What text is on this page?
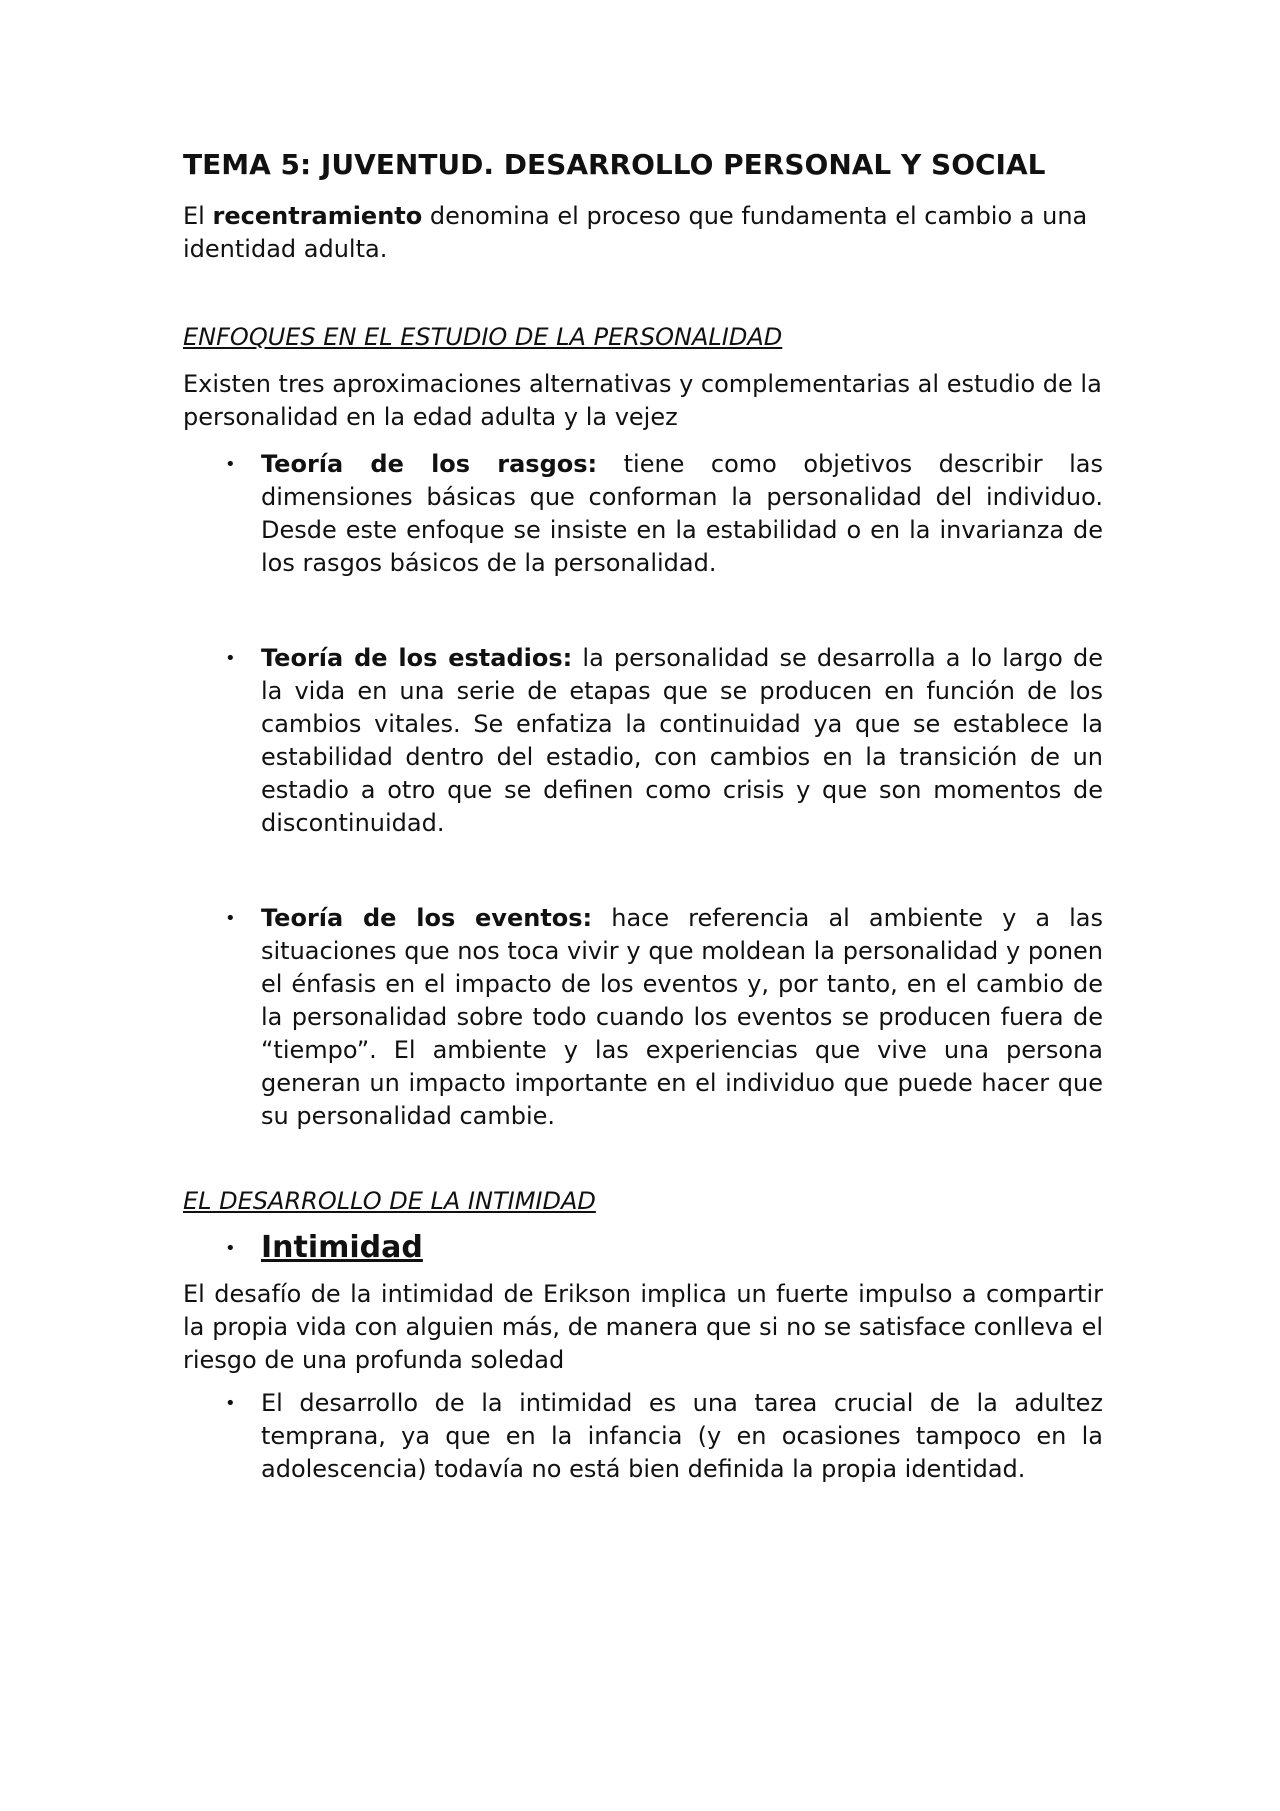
TEMA 5: JUVENTUD. DESARROLLO PERSONAL Y SOCIAL

El recentramiento denomina el proceso que fundamenta el cambio a una identidad adulta.

ENFOQUES EN EL ESTUDIO DE LA PERSONALIDAD

Existen tres aproximaciones alternativas y complementarias al estudio de la personalidad en la edad adulta y la vejez

• Teoría de los rasgos: tiene como objetivos describir las dimensiones básicas que conforman la personalidad del individuo. Desde este enfoque se insiste en la estabilidad o en la invarianza de los rasgos básicos de la personalidad.
• Teoría de los estadios: la personalidad se desarrolla a lo largo de la vida en una serie de etapas que se producen en función de los cambios vitales. Se enfatiza la continuidad ya que se establece la estabilidad dentro del estadio, con cambios en la transición de un estadio a otro que se definen como crisis y que son momentos de discontinuidad.
• Teoría de los eventos: hace referencia al ambiente y a las situaciones que nos toca vivir y que moldean la personalidad y ponen el énfasis en el impacto de los eventos y, por tanto, en el cambio de la personalidad sobre todo cuando los eventos se producen fuera de “tiempo”. El ambiente y las experiencias que vive una persona generan un impacto importante en el individuo que puede hacer que su personalidad cambie.

EL DESARROLLO DE LA INTIMIDAD

• Intimidad

El desafío de la intimidad de Erikson implica un fuerte impulso a compartir la propia vida con alguien más, de manera que si no se satisface conlleva el riesgo de una profunda soledad

• El desarrollo de la intimidad es una tarea crucial de la adultez temprana, ya que en la infancia (y en ocasiones tampoco en la adolescencia) todavía no está bien definida la propia identidad.
